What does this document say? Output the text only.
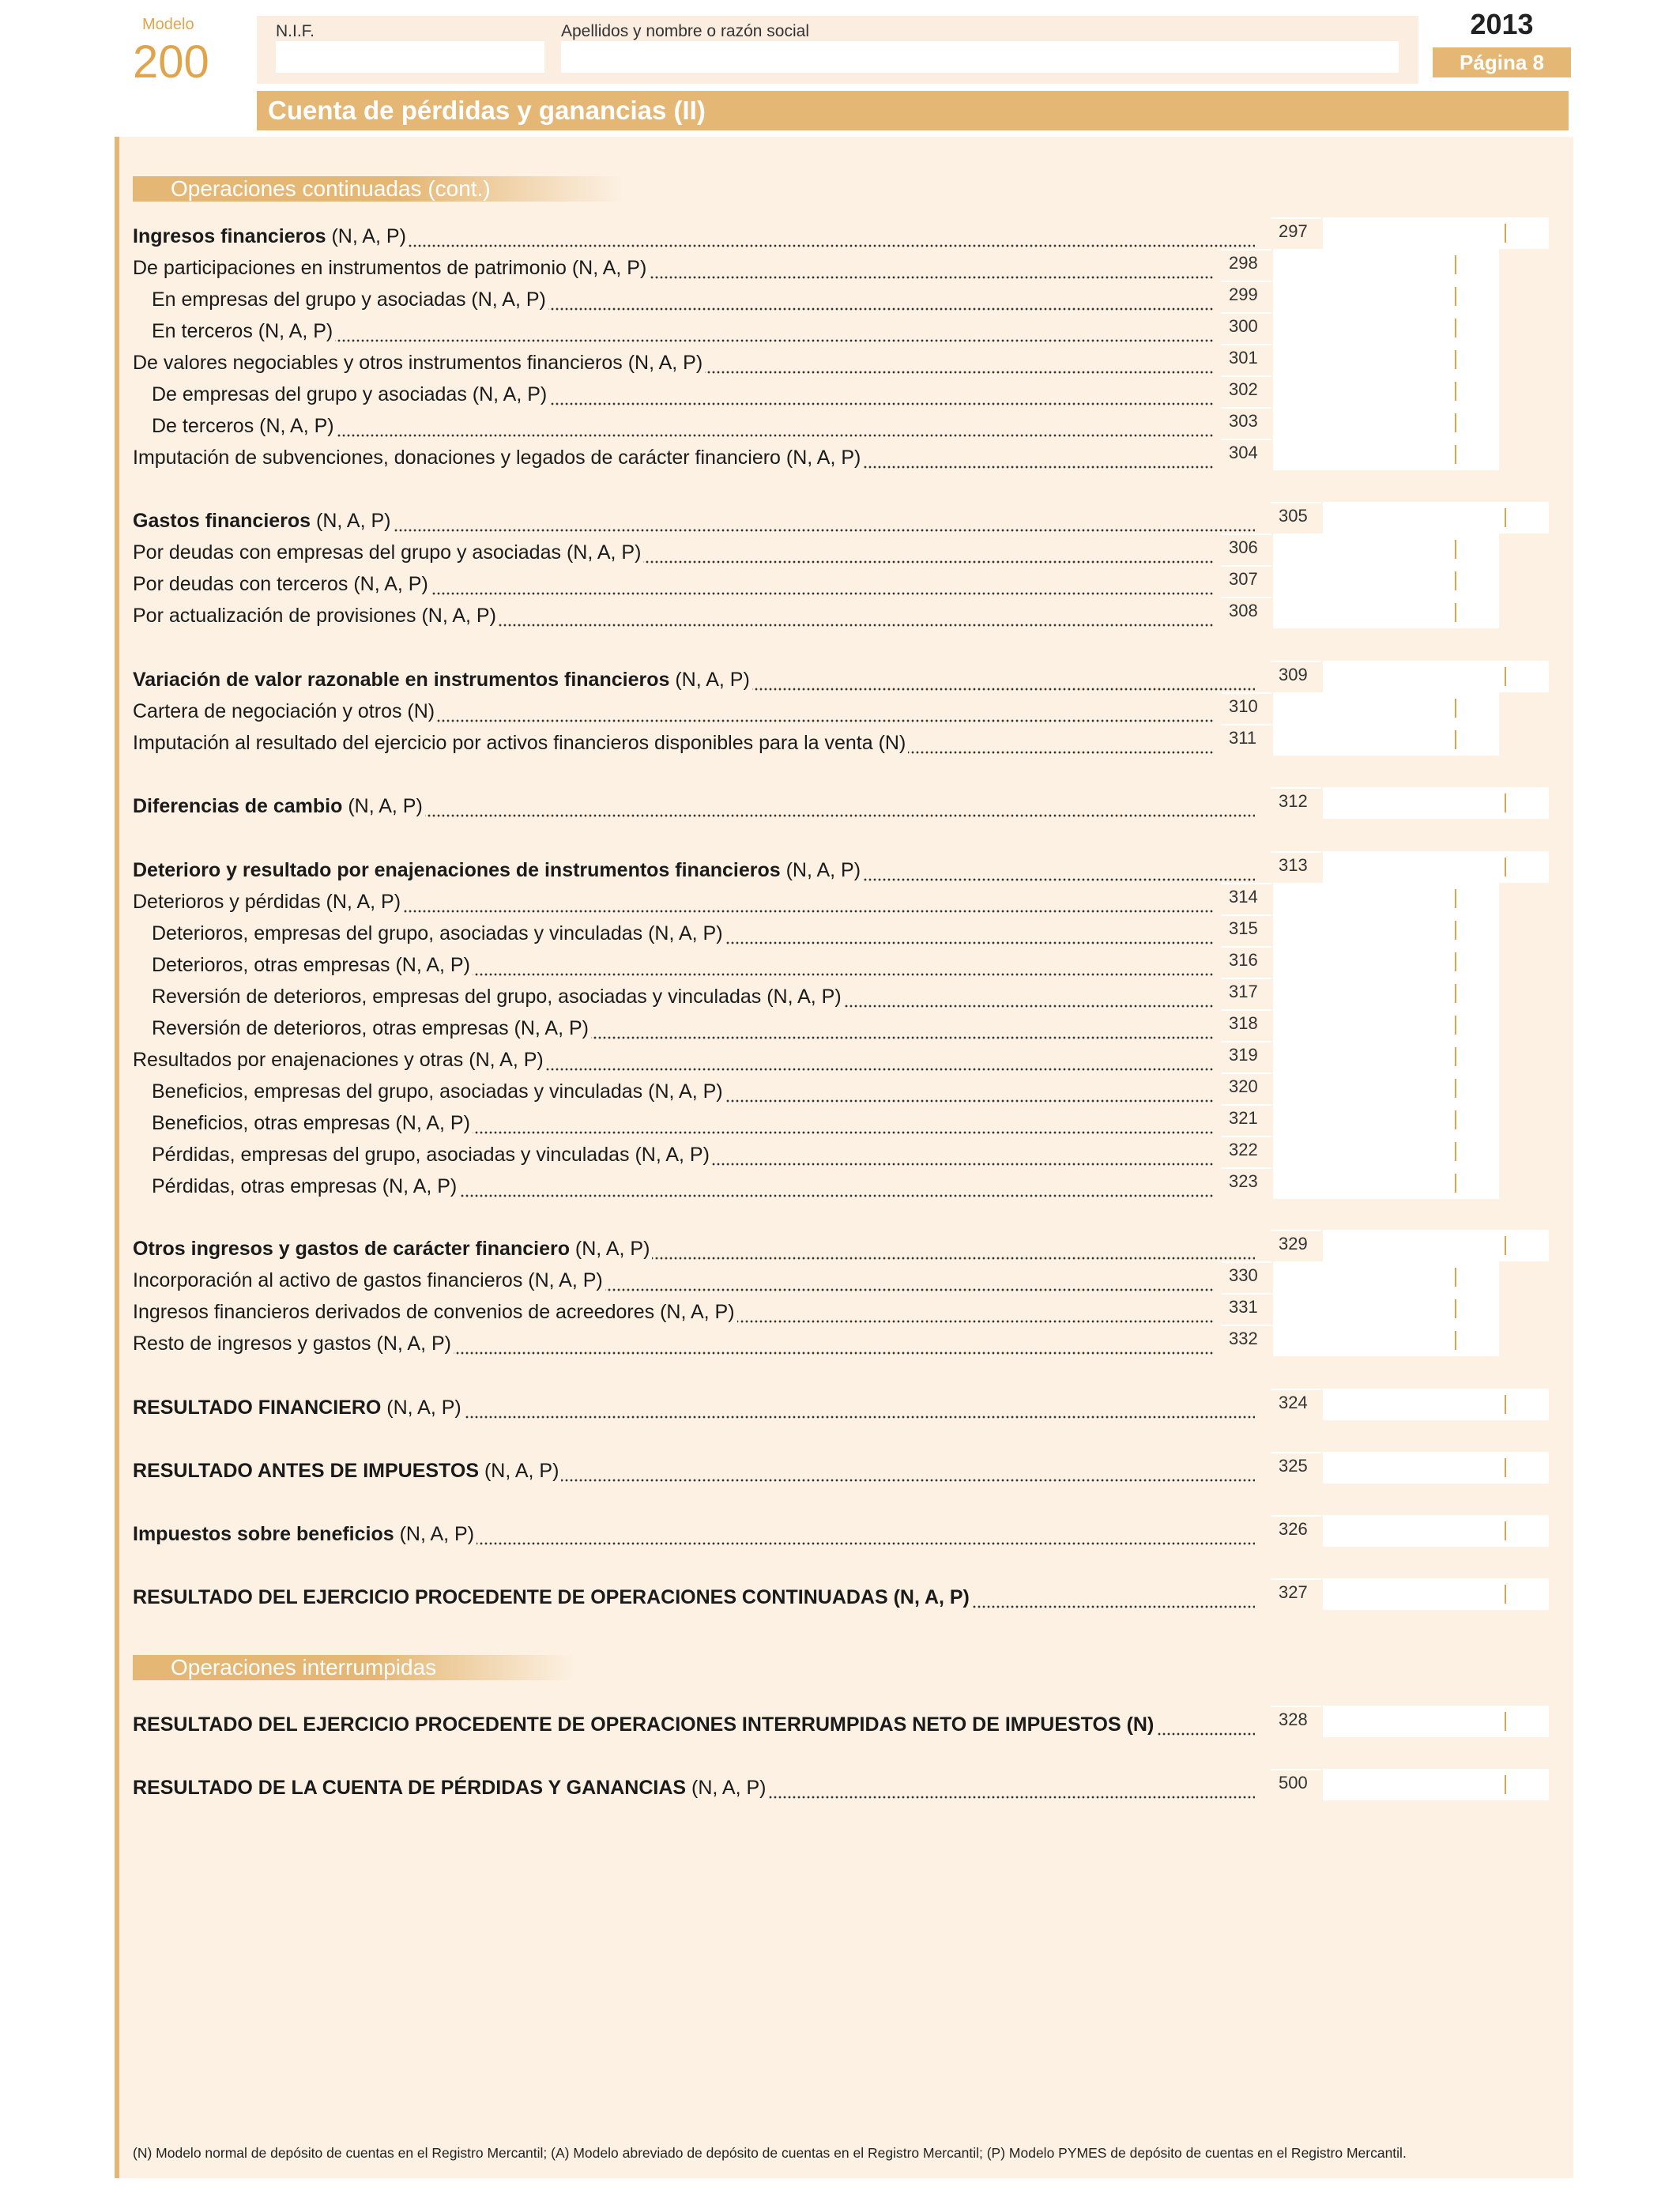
Modelo
200
N.I.F.	Apellidos y nombre o razón social	2013
Página 8
Cuenta de pérdidas y ganancias (II)
Operaciones continuadas (cont.)
Operaciones interrumpidas
Ingresos financieros (N, A, P)	297
De participaciones en instrumentos de patrimonio (N, A, P)	298
En empresas del grupo y asociadas (N, A, P)	299
En terceros (N, A, P)	300
De valores negociables y otros instrumentos financieros (N, A, P)	301
De empresas del grupo y asociadas (N, A, P)	302
De terceros (N, A, P)	303
Imputación de subvenciones, donaciones y legados de carácter financiero (N, A, P)	304
Gastos financieros (N, A, P)	305
Por deudas con empresas del grupo y asociadas (N, A, P)	306
Por deudas con terceros (N, A, P)	307
Por actualización de provisiones (N, A, P)	308
Variación de valor razonable en instrumentos financieros (N, A, P)	309
Cartera de negociación y otros (N)	310
Imputación al resultado del ejercicio por activos financieros disponibles para la venta (N)	311
Diferencias de cambio (N, A, P)	312
Deterioro y resultado por enajenaciones de instrumentos financieros (N, A, P)	313
Deterioros y pérdidas (N, A, P)	314
Deterioros, empresas del grupo, asociadas y vinculadas (N, A, P)	315
Deterioros, otras empresas (N, A, P)	316
Reversión de deterioros, empresas del grupo, asociadas y vinculadas (N, A, P)	317
Reversión de deterioros, otras empresas (N, A, P)	318
Resultados por enajenaciones y otras (N, A, P)	319
Beneficios, empresas del grupo, asociadas y vinculadas (N, A, P)	320
Beneficios, otras empresas (N, A, P)	321
Pérdidas, empresas del grupo, asociadas y vinculadas (N, A, P)	322
Pérdidas, otras empresas (N, A, P)	323
Otros ingresos y gastos de carácter financiero (N, A, P)	329
Incorporación al activo de gastos financieros (N, A, P)	330
Ingresos financieros derivados de convenios de acreedores (N, A, P)	331
Resto de ingresos y gastos (N, A, P)	332
RESULTADO FINANCIERO (N, A, P)	324
RESULTADO ANTES DE IMPUESTOS (N, A, P)	325
Impuestos sobre beneficios (N, A, P)	326
RESULTADO DEL EJERCICIO PROCEDENTE DE OPERACIONES CONTINUADAS (N, A, P)	327
RESULTADO DEL EJERCICIO PROCEDENTE DE OPERACIONES INTERRUMPIDAS NETO DE IMPUESTOS (N)	328
RESULTADO DE LA CUENTA DE PÉRDIDAS Y GANANCIAS (N, A, P)	500
(N) Modelo normal de depósito de cuentas en el Registro Mercantil; (A) Modelo abreviado de depósito de cuentas en el Registro Mercantil; (P) Modelo PYMES de depósito de cuentas en el Registro Mercantil.
